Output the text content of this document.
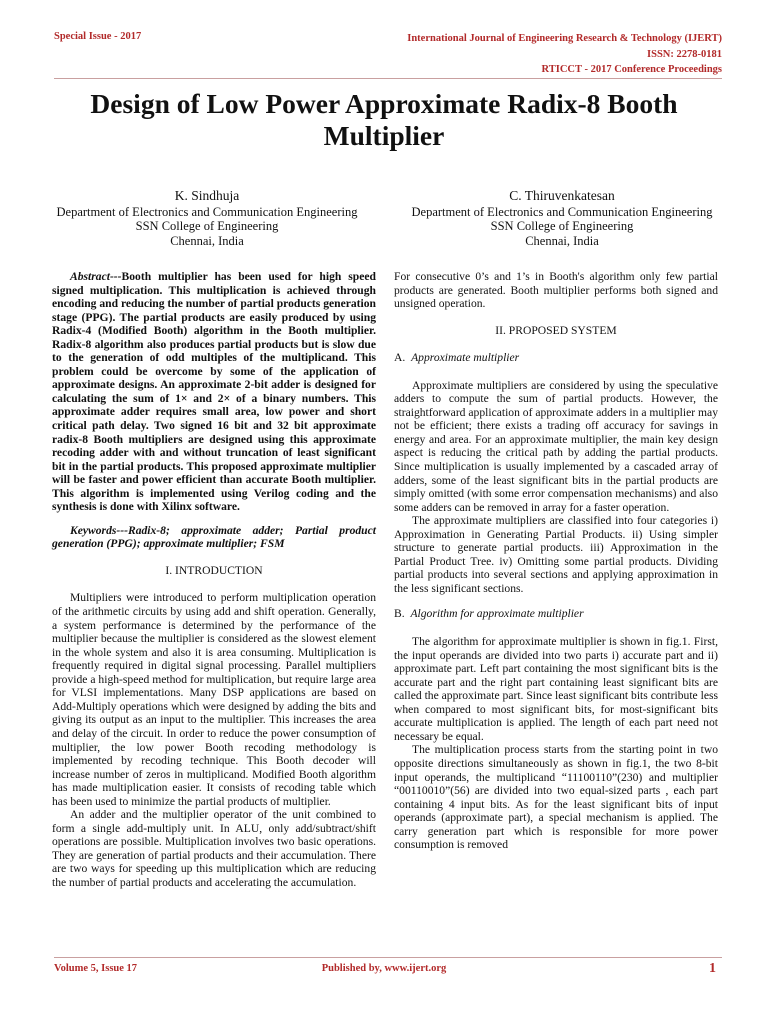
Special Issue - 2017	International Journal of Engineering Research & Technology (IJERT)
ISSN: 2278-0181
RTICCT - 2017 Conference Proceedings
Design of Low Power Approximate Radix-8 Booth Multiplier
K. Sindhuja
Department of Electronics and Communication Engineering
SSN College of Engineering
Chennai, India
C. Thiruvenkatesan
Department of Electronics and Communication Engineering
SSN College of Engineering
Chennai, India

Abstract---Booth multiplier has been used for high speed signed multiplication. This multiplication is achieved through encoding and reducing the number of partial products generation stage (PPG). The partial products are easily produced by using Radix-4 (Modified Booth) algorithm in the Booth multiplier. Radix-8 algorithm also produces partial products but is slow due to the generation of odd multiples of the multiplicand. This problem could be overcome by some of the application of approximate designs. An approximate 2-bit adder is designed for calculating the sum of 1× and 2× of a binary numbers. This approximate adder requires small area, low power and short critical path delay. Two signed 16 bit and 32 bit approximate radix-8 Booth multipliers are designed using this approximate recoding adder with and without truncation of least significant bit in the partial products. This proposed approximate multiplier will be faster and power efficient than accurate Booth multiplier. This algorithm is implemented using Verilog coding and the synthesis is done with Xilinx software.

Keywords---Radix-8; approximate adder; Partial product generation (PPG); approximate multiplier; FSM

I. INTRODUCTION

Multipliers were introduced to perform multiplication operation of the arithmetic circuits by using add and shift operation. Generally, a system performance is determined by the performance of the multiplier because the multiplier is considered as the slowest element in the whole system and also it is area consuming. Multiplication is frequently required in digital signal processing. Parallel multipliers provide a high-speed method for multiplication, but require large area for VLSI implementations. Many DSP applications are based on Add-Multiply operations which were designed by adding the bits and giving its output as an input to the multiplier. This increases the area and delay of the circuit. In order to reduce the power consumption of multiplier, the low power Booth recoding methodology is implemented by recoding technique. This Booth decoder will increase number of zeros in multiplicand. Modified Booth algorithm has made multiplication easier. It consists of recoding table which has been used to minimize the partial products of multiplier.

An adder and the multiplier operator of the unit combined to form a single add-multiply unit. In ALU, only add/subtract/shift operations are possible. Multiplication involves two basic operations. They are generation of partial products and their accumulation. There are two ways for speeding up this multiplication which are reducing the number of partial products and accelerating the accumulation.

For consecutive 0’s and 1’s in Booth's algorithm only few partial products are generated. Booth multiplier performs both signed and unsigned operation.

II. PROPOSED SYSTEM

A. Approximate multiplier

Approximate multipliers are considered by using the speculative adders to compute the sum of partial products. However, the straightforward application of approximate adders in a multiplier may not be efficient; there exists a trading off accuracy for savings in energy and area. For an approximate multiplier, the main key design aspect is reducing the critical path by adding the partial products. Since multiplication is usually implemented by a cascaded array of adders, some of the least significant bits in the partial products are simply omitted (with some error compensation mechanisms) and also some adders can be removed in array for a faster operation.

The approximate multipliers are classified into four categories i) Approximation in Generating Partial Products. ii) Using simpler structure to generate partial products. iii) Approximation in the Partial Product Tree. iv) Omitting some partial products. Dividing partial products into several sections and applying approximation in the less significant sections.

B. Algorithm for approximate multiplier

The algorithm for approximate multiplier is shown in fig.1. First, the input operands are divided into two parts i) accurate part and ii) approximate part. Left part containing the most significant bits is the accurate part and the right part containing least significant bits are called the approximate part. Since least significant bits contribute less when compared to most significant bits, for most-significant bits accurate multiplication is applied. The length of each part need not necessary be equal.

The multiplication process starts from the starting point in two opposite directions simultaneously as shown in fig.1, the two 8-bit input operands, the multiplicand “11100110”(230) and multiplier “00110010”(56) are divided into two equal-sized parts , each part containing 4 input bits. As for the least significant bits of input operands (approximate part), a special mechanism is applied. The carry generation part which is responsible for more power consumption is removed

Volume 5, Issue 17	Published by, www.ijert.org	1
